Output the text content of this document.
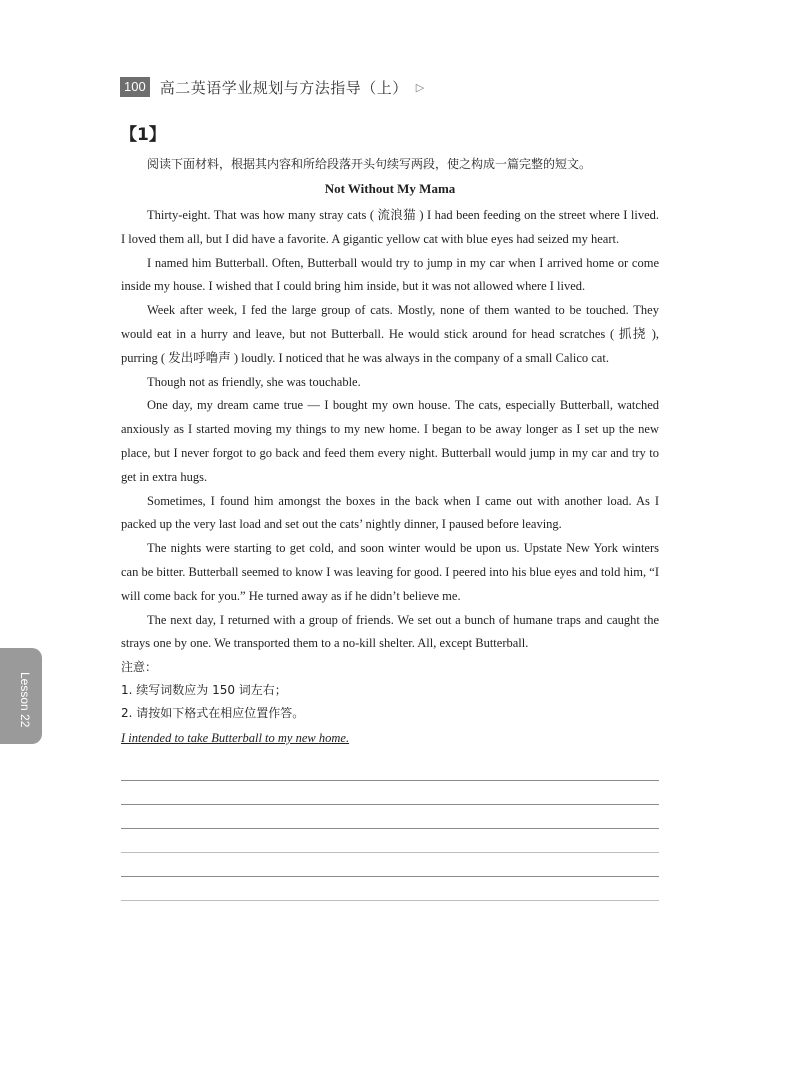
100 高二英语学业规划与方法指导（上） ▷
【1】

阅读下面材料，根据其内容和所给段落开头句续写两段，使之构成一篇完整的短文。

Not Without My Mama

Thirty-eight. That was how many stray cats ( 流浪猫 ) I had been feeding on the street where I lived. I loved them all, but I did have a favorite. A gigantic yellow cat with blue eyes had seized my heart.

I named him Butterball. Often, Butterball would try to jump in my car when I arrived home or come inside my house. I wished that I could bring him inside, but it was not allowed where I lived.

Week after week, I fed the large group of cats. Mostly, none of them wanted to be touched. They would eat in a hurry and leave, but not Butterball. He would stick around for head scratches ( 抓挠 ), purring ( 发出呼噜声 ) loudly. I noticed that he was always in the company of a small Calico cat.

Though not as friendly, she was touchable.

One day, my dream came true — I bought my own house. The cats, especially Butterball, watched anxiously as I started moving my things to my new home. I began to be away longer as I set up the new place, but I never forgot to go back and feed them every night. Butterball would jump in my car and try to get in extra hugs.

Sometimes, I found him amongst the boxes in the back when I came out with another load. As I packed up the very last load and set out the cats’ nightly dinner, I paused before leaving.

The nights were starting to get cold, and soon winter would be upon us. Upstate New York winters can be bitter. Butterball seemed to know I was leaving for good. I peered into his blue eyes and told him, “I will come back for you.” He turned away as if he didn’t believe me.

The next day, I returned with a group of friends. We set out a bunch of humane traps and caught the strays one by one. We transported them to a no-kill shelter. All, except Butterball.

注意：

1. 续写词数应为 150 词左右；

2. 请按如下格式在相应位置作答。

I intended to take Butterball to my new home.

Lesson 22
